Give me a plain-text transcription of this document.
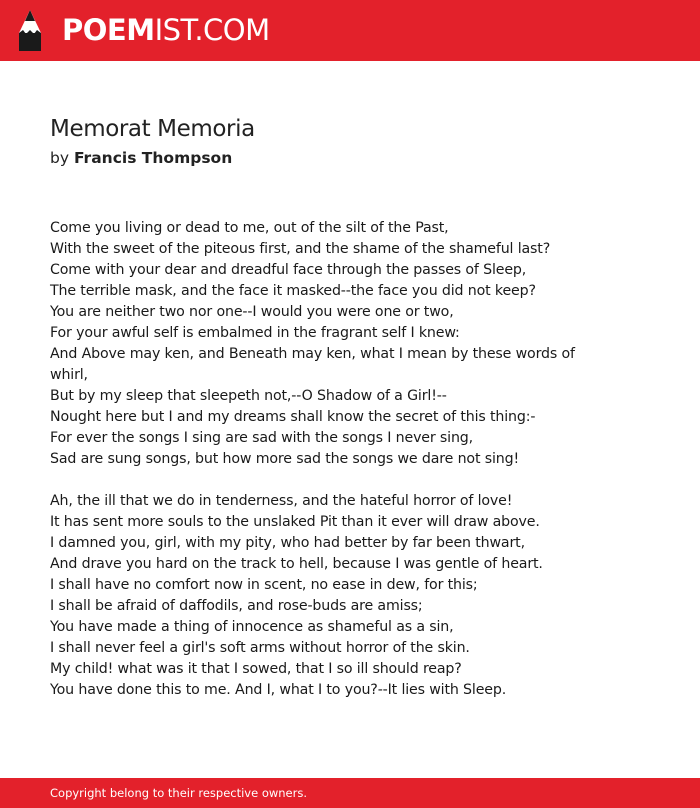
POEMIST.COM
Memorat Memoria
by Francis Thompson
Come you living or dead to me, out of the silt of the Past,
With the sweet of the piteous first, and the shame of the shameful last?
Come with your dear and dreadful face through the passes of Sleep,
The terrible mask, and the face it masked--the face you did not keep?
You are neither two nor one--I would you were one or two,
For your awful self is embalmed in the fragrant self I knew:
And Above may ken, and Beneath may ken, what I mean by these words of whirl,
But by my sleep that sleepeth not,--O Shadow of a Girl!--
Nought here but I and my dreams shall know the secret of this thing:-
For ever the songs I sing are sad with the songs I never sing,
Sad are sung songs, but how more sad the songs we dare not sing!
Ah, the ill that we do in tenderness, and the hateful horror of love!
It has sent more souls to the unslaked Pit than it ever will draw above.
I damned you, girl, with my pity, who had better by far been thwart,
And drave you hard on the track to hell, because I was gentle of heart.
I shall have no comfort now in scent, no ease in dew, for this;
I shall be afraid of daffodils, and rose-buds are amiss;
You have made a thing of innocence as shameful as a sin,
I shall never feel a girl's soft arms without horror of the skin.
My child! what was it that I sowed, that I so ill should reap?
You have done this to me. And I, what I to you?--It lies with Sleep.
Copyright belong to their respective owners.
